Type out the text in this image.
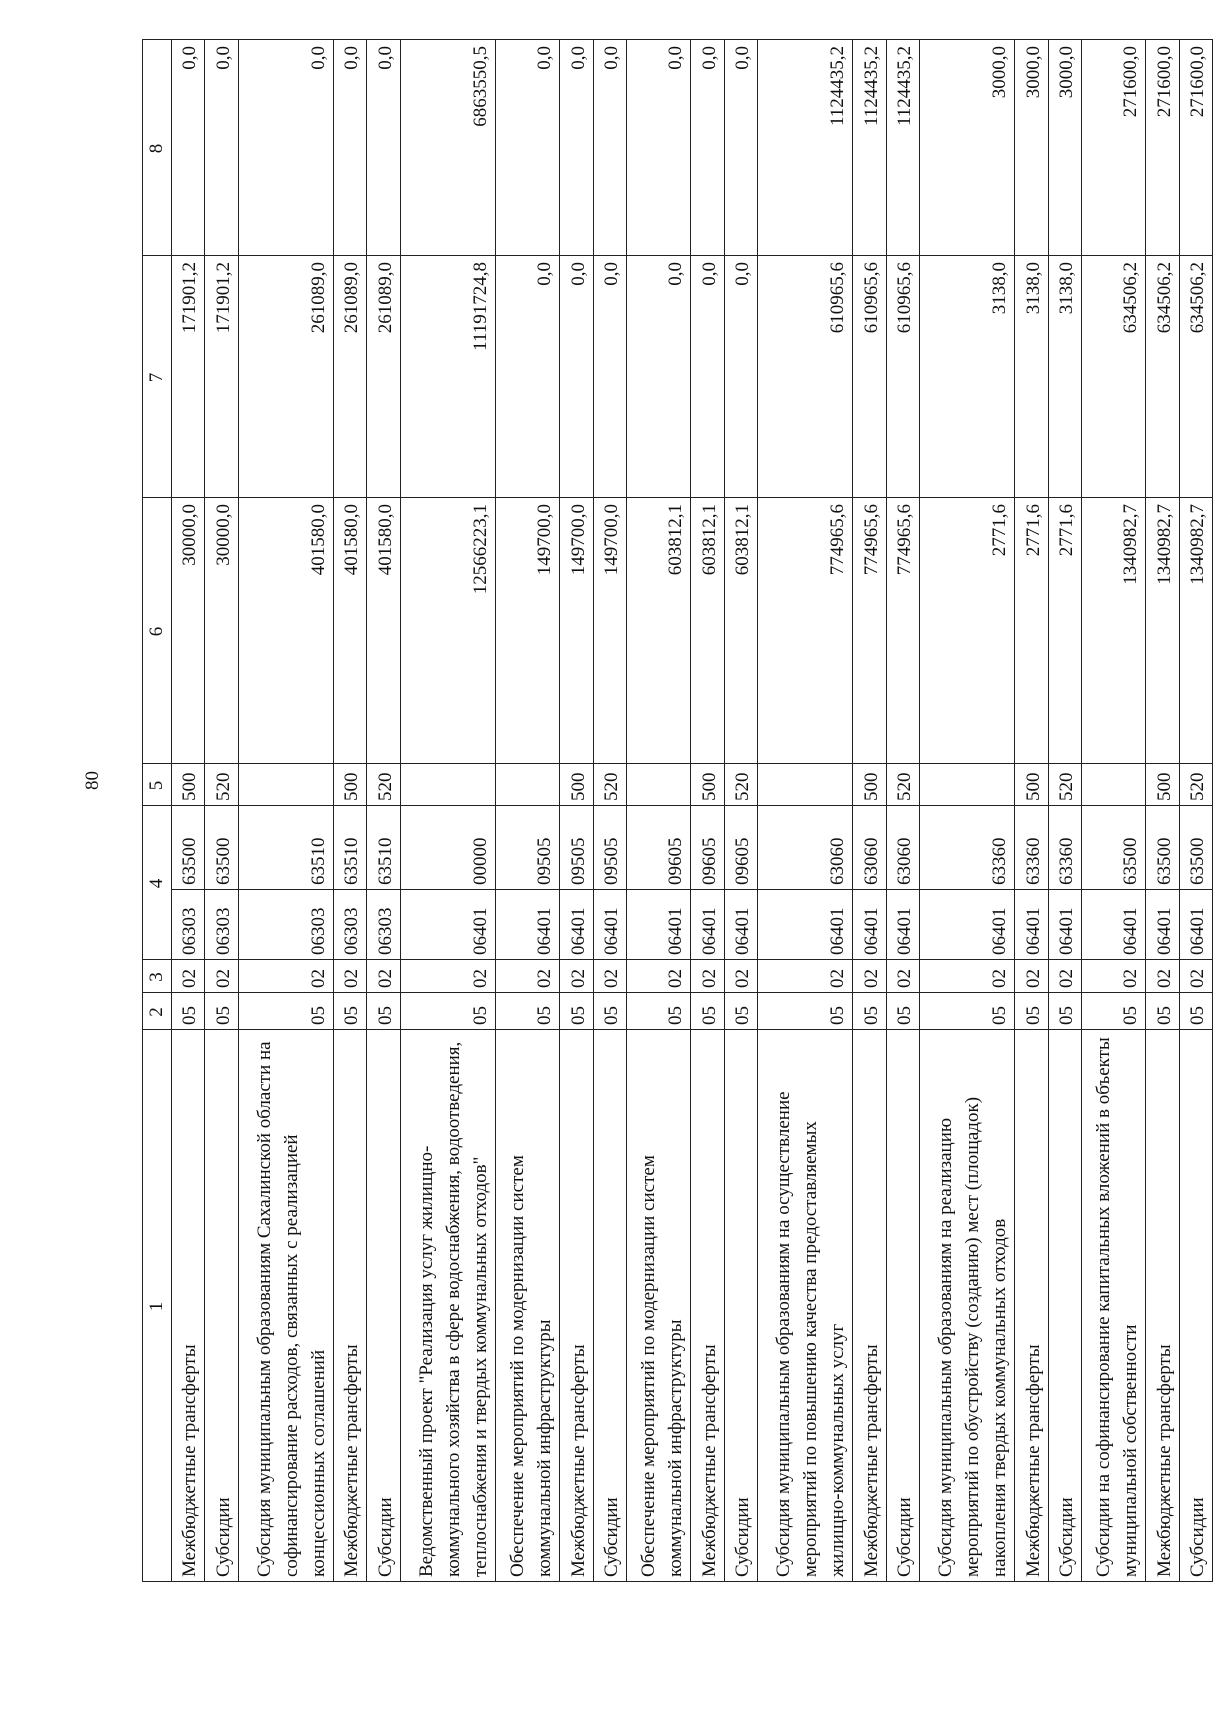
80
1	2	3	4		5	6	7	8
Межбюджетные трансферты	05	02	06303	63500	500	30000,0	171901,2	0,0
Субсидии	05	02	06303	63500	520	30000,0	171901,2	0,0
Субсидия муниципальным образованиям Сахалинской области на софинансирование расходов, связанных с реализацией концессионных соглашений	05	02	06303	63510		401580,0	261089,0	0,0
Межбюджетные трансферты	05	02	06303	63510	500	401580,0	261089,0	0,0
Субсидии	05	02	06303	63510	520	401580,0	261089,0	0,0
Ведомственный проект "Реализация услуг жилищно-коммунального хозяйства в сфере водоснабжения, водоотведения, теплоснабжения и твердых коммунальных отходов"	05	02	06401	00000		12566223,1	11191724,8	6863550,5
Обеспечение мероприятий по модернизации систем коммунальной инфраструктуры	05	02	06401	09505		149700,0	0,0	0,0
Межбюджетные трансферты	05	02	06401	09505	500	149700,0	0,0	0,0
Субсидии	05	02	06401	09505	520	149700,0	0,0	0,0
Обеспечение мероприятий по модернизации систем коммунальной инфраструктуры	05	02	06401	09605		603812,1	0,0	0,0
Межбюджетные трансферты	05	02	06401	09605	500	603812,1	0,0	0,0
Субсидии	05	02	06401	09605	520	603812,1	0,0	0,0
Субсидия муниципальным образованиям на осуществление мероприятий по повышению качества предоставляемых жилищно-коммунальных услуг	05	02	06401	63060		774965,6	610965,6	1124435,2
Межбюджетные трансферты	05	02	06401	63060	500	774965,6	610965,6	1124435,2
Субсидии	05	02	06401	63060	520	774965,6	610965,6	1124435,2
Субсидия муниципальным образованиям на реализацию мероприятий по обустройству (созданию) мест (площадок) накопления твердых коммунальных отходов	05	02	06401	63360		2771,6	3138,0	3000,0
Межбюджетные трансферты	05	02	06401	63360	500	2771,6	3138,0	3000,0
Субсидии	05	02	06401	63360	520	2771,6	3138,0	3000,0
Субсидии на софинансирование капитальных вложений в объекты муниципальной собственности	05	02	06401	63500		1340982,7	634506,2	271600,0
Межбюджетные трансферты	05	02	06401	63500	500	1340982,7	634506,2	271600,0
Субсидии	05	02	06401	63500	520	1340982,7	634506,2	271600,0
